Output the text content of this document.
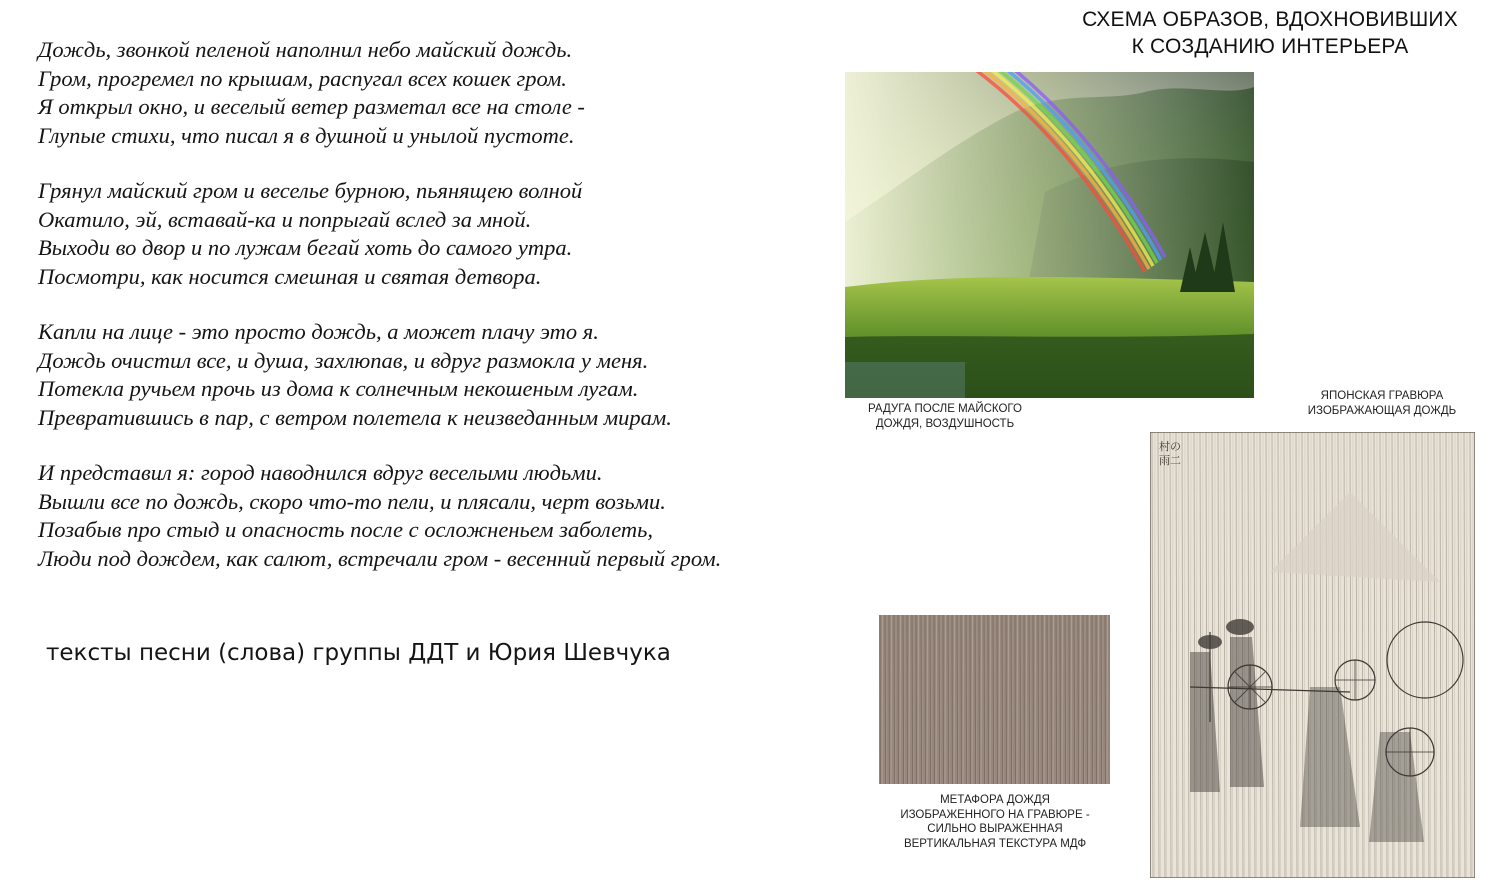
СХЕМА ОБРАЗОВ, ВДОХНОВИВШИХ
К СОЗДАНИЮ ИНТЕРЬЕРА
Дождь, звонкой пеленой наполнил небо майский дождь.
Гром, прогремел по крышам, распугал всех кошек гром.
Я открыл окно, и веселый ветер разметал все на столе -
Глупые стихи, что писал я в душной и унылой пустоте.
Грянул майский гром и веселье бурною, пьянящею волной
Окатило, эй, вставай-ка и попрыгай вслед за мной.
Выходи во двор и по лужам бегай хоть до самого утра.
Посмотри, как носится смешная и святая детвора.
Капли на лице - это просто дождь, а может плачу это я.
Дождь очистил все, и душа, захлюпав, и вдруг размокла у меня.
Потекла ручьем прочь из дома к солнечным некошеным лугам.
Превратившись в пар, с ветром полетела к неизведанным мирам.
И представил я: город наводнился вдруг веселыми людьми.
Вышли все по дождь, скоро что-то пели, и плясали, черт возьми.
Позабыв про стыд и опасность после с осложненьем заболеть,
Люди под дождем, как салют, встречали гром - весенний первый гром.
тексты песни (слова) группы ДДТ и Юрия Шевчука
РАДУГА ПОСЛЕ МАЙСКОГО
ДОЖДЯ, ВОЗДУШНОСТЬ
ЯПОНСКАЯ ГРАВЮРА
ИЗОБРАЖАЮЩАЯ ДОЖДЬ
村
雨
の
二
МЕТАФОРА ДОЖДЯ
ИЗОБРАЖЕННОГО НА ГРАВЮРЕ -
СИЛЬНО ВЫРАЖЕННАЯ
ВЕРТИКАЛЬНАЯ ТЕКСТУРА МДФ
